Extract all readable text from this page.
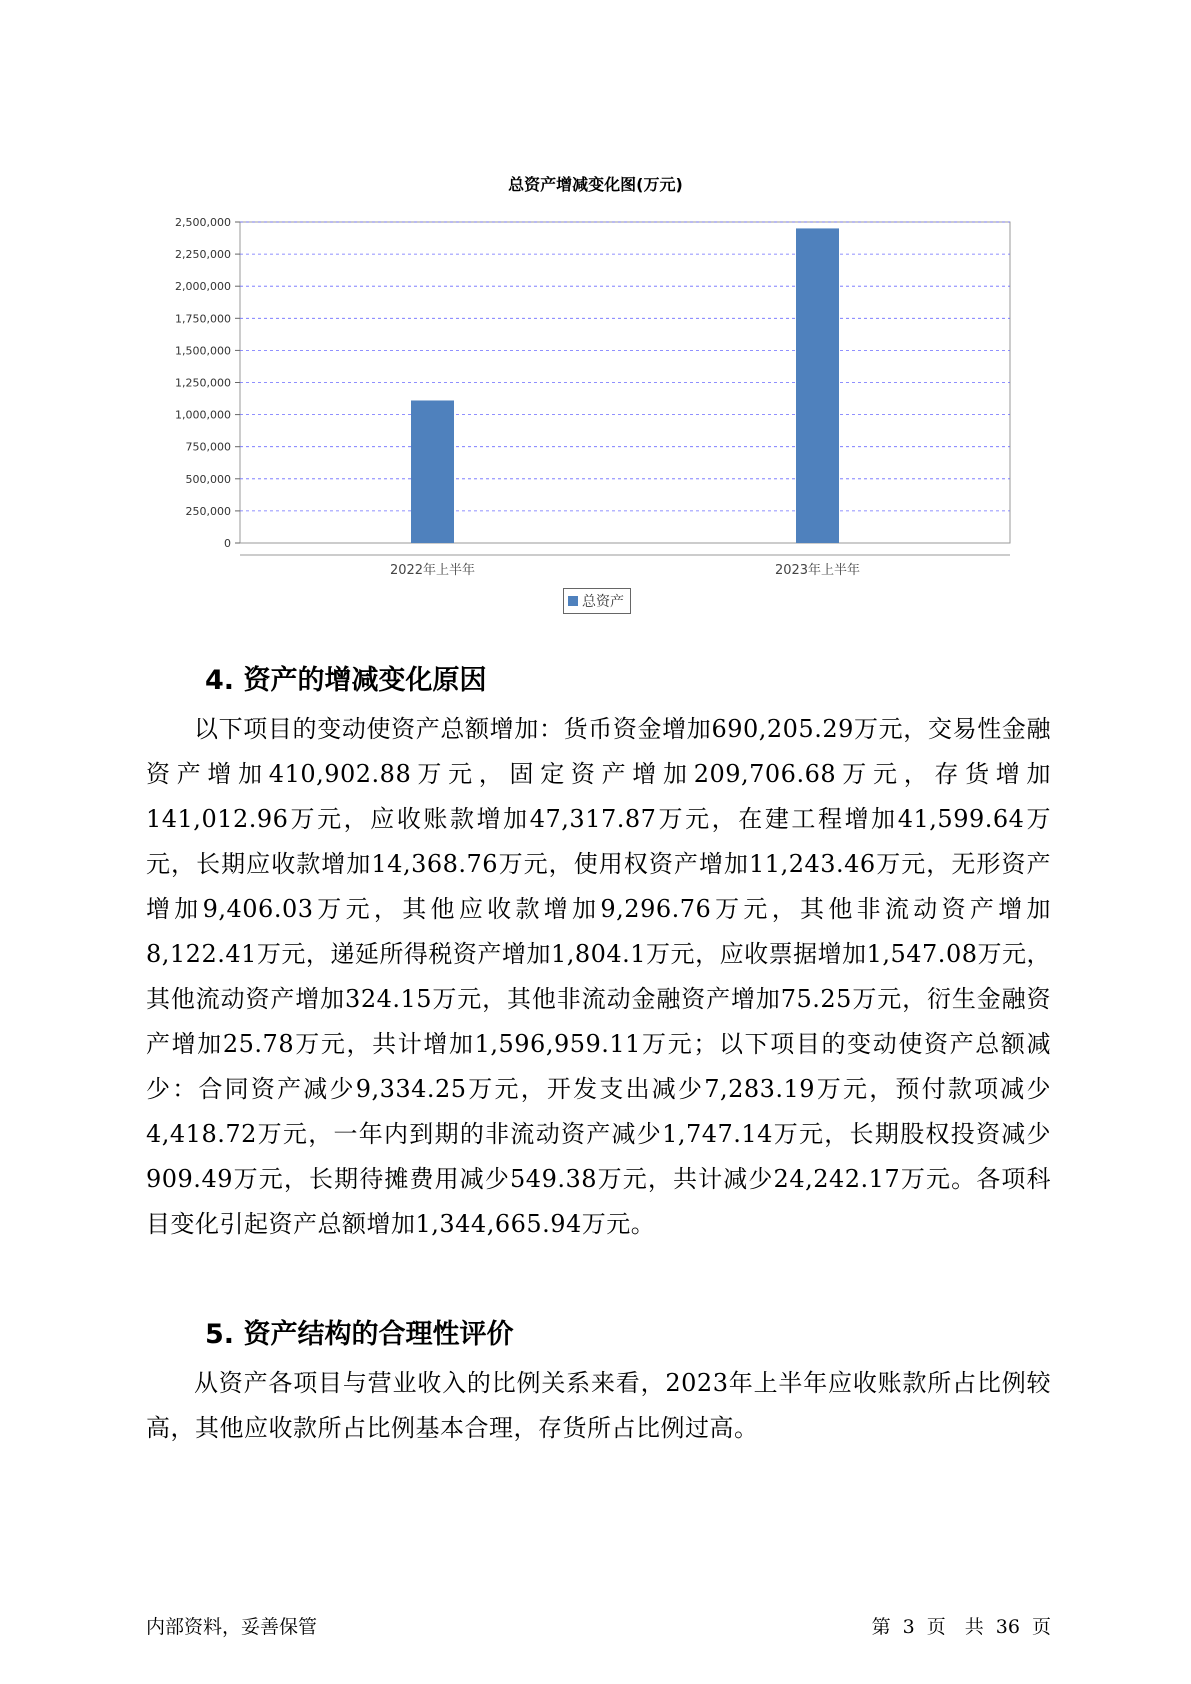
总资产增减变化图(万元)
0
250,000
500,000
750,000
1,000,000
1,250,000
1,500,000
1,750,000
2,000,000
2,250,000
2,500,000
2022年上半年	2023年上半年
总资产
4. 资产的增减变化原因

以下项目的变动使资产总额增加：货币资金增加690,205.29万元，交易性金融资产增加410,902.88万元，固定资产增加209,706.68万元，存货增加141,012.96万元，应收账款增加47,317.87万元，在建工程增加41,599.64万元，长期应收款增加14,368.76万元，使用权资产增加11,243.46万元，无形资产增加9,406.03万元，其他应收款增加9,296.76万元，其他非流动资产增加8,122.41万元，递延所得税资产增加1,804.1万元，应收票据增加1,547.08万元，其他流动资产增加324.15万元，其他非流动金融资产增加75.25万元，衍生金融资产增加25.78万元，共计增加1,596,959.11万元；以下项目的变动使资产总额减少：合同资产减少9,334.25万元，开发支出减少7,283.19万元，预付款项减少4,418.72万元，一年内到期的非流动资产减少1,747.14万元，长期股权投资减少909.49万元，长期待摊费用减少549.38万元，共计减少24,242.17万元。各项科目变化引起资产总额增加1,344,665.94万元。

5. 资产结构的合理性评价

从资产各项目与营业收入的比例关系来看，2023年上半年应收账款所占比例较高，其他应收款所占比例基本合理，存货所占比例过高。

内部资料，妥善保管	第 3 页　共 36 页
